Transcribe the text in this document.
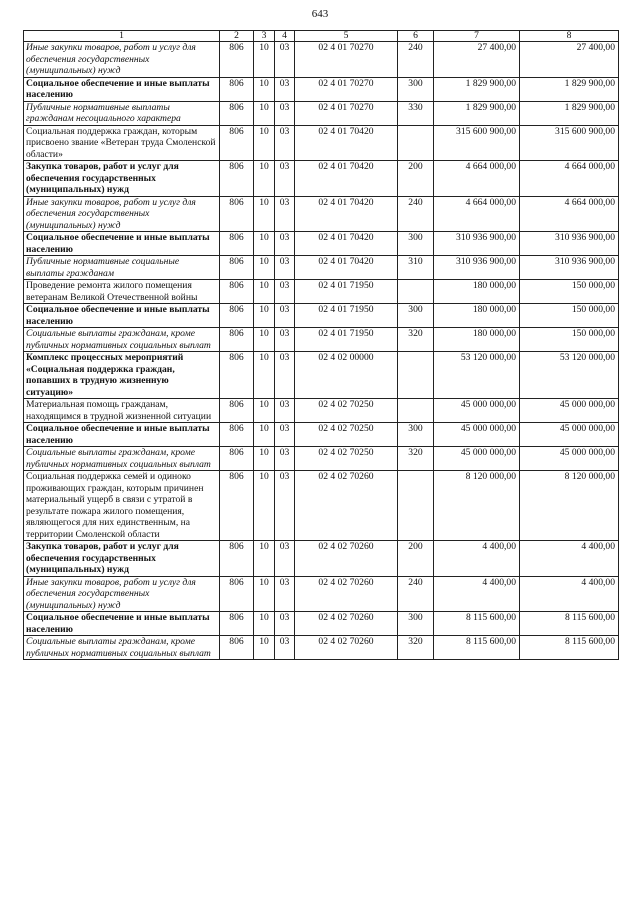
643
1	2	3	4	5	6	7	8
Иные закупки товаров, работ и услуг для обеспечения государственных (муниципальных) нужд	806	10	03	02 4 01 70270	240	27 400,00	27 400,00
Социальное обеспечение и иные выплаты населению	806	10	03	02 4 01 70270	300	1 829 900,00	1 829 900,00
Публичные нормативные выплаты гражданам несоциального характера	806	10	03	02 4 01 70270	330	1 829 900,00	1 829 900,00
Социальная поддержка граждан, которым присвоено звание «Ветеран труда Смоленской области»	806	10	03	02 4 01 70420		315 600 900,00	315 600 900,00
Закупка товаров, работ и услуг для обеспечения государственных (муниципальных) нужд	806	10	03	02 4 01 70420	200	4 664 000,00	4 664 000,00
Иные закупки товаров, работ и услуг для обеспечения государственных (муниципальных) нужд	806	10	03	02 4 01 70420	240	4 664 000,00	4 664 000,00
Социальное обеспечение и иные выплаты населению	806	10	03	02 4 01 70420	300	310 936 900,00	310 936 900,00
Публичные нормативные социальные выплаты гражданам	806	10	03	02 4 01 70420	310	310 936 900,00	310 936 900,00
Проведение ремонта жилого помещения ветеранам Великой Отечественной войны	806	10	03	02 4 01 71950		180 000,00	150 000,00
Социальное обеспечение и иные выплаты населению	806	10	03	02 4 01 71950	300	180 000,00	150 000,00
Социальные выплаты гражданам, кроме публичных нормативных социальных выплат	806	10	03	02 4 01 71950	320	180 000,00	150 000,00
Комплекс процессных мероприятий «Социальная поддержка граждан, попавших в трудную жизненную ситуацию»	806	10	03	02 4 02 00000		53 120 000,00	53 120 000,00
Материальная помощь гражданам, находящимся в трудной жизненной ситуации	806	10	03	02 4 02 70250		45 000 000,00	45 000 000,00
Социальное обеспечение и иные выплаты населению	806	10	03	02 4 02 70250	300	45 000 000,00	45 000 000,00
Социальные выплаты гражданам, кроме публичных нормативных социальных выплат	806	10	03	02 4 02 70250	320	45 000 000,00	45 000 000,00
Социальная поддержка семей и одиноко проживающих граждан, которым причинен материальный ущерб в связи с утратой в результате пожара жилого помещения, являющегося для них единственным, на территории Смоленской области	806	10	03	02 4 02 70260		8 120 000,00	8 120 000,00
Закупка товаров, работ и услуг для обеспечения государственных (муниципальных) нужд	806	10	03	02 4 02 70260	200	4 400,00	4 400,00
Иные закупки товаров, работ и услуг для обеспечения государственных (муниципальных) нужд	806	10	03	02 4 02 70260	240	4 400,00	4 400,00
Социальное обеспечение и иные выплаты населению	806	10	03	02 4 02 70260	300	8 115 600,00	8 115 600,00
Социальные выплаты гражданам, кроме публичных нормативных социальных выплат	806	10	03	02 4 02 70260	320	8 115 600,00	8 115 600,00
